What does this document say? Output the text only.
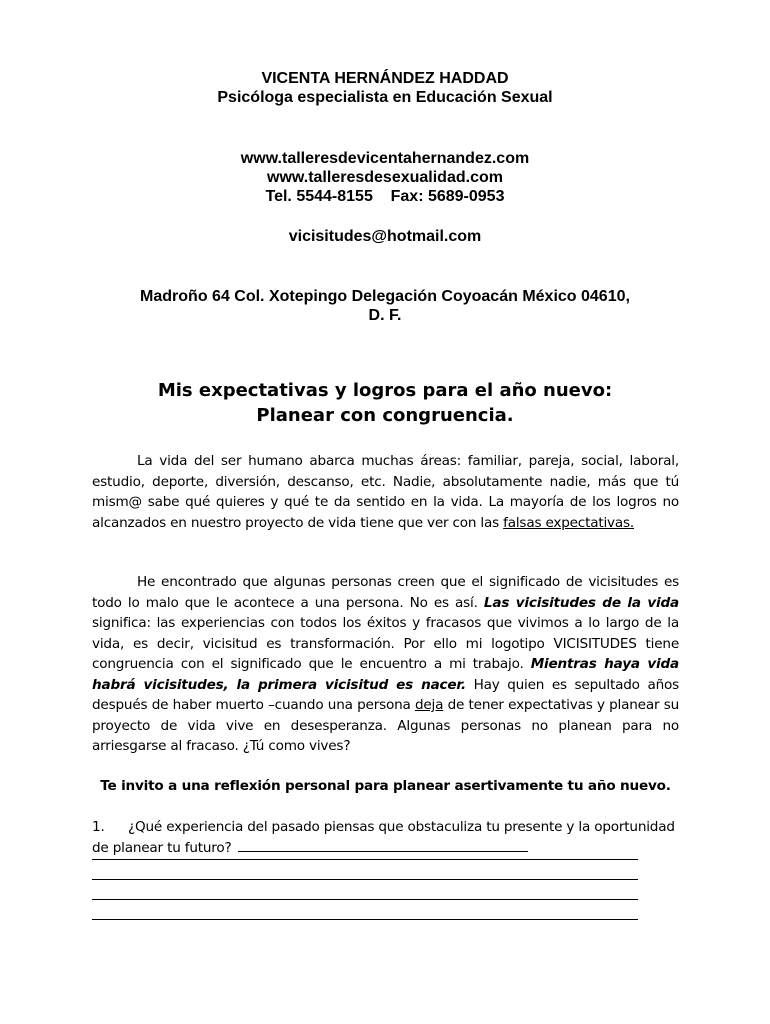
VICENTA HERNÁNDEZ HADDAD

Psicóloga especialista en Educación Sexual

www.talleresdevicentahernandez.com

www.talleresdesexualidad.com

Tel. 5544-8155    Fax: 5689-0953

vicisitudes@hotmail.com

Madroño 64 Col. Xotepingo Delegación Coyoacán México 04610,

D. F.

Mis expectativas y logros para el año nuevo:

Planear con congruencia.

La vida del ser humano abarca muchas áreas: familiar, pareja, social, laboral, estudio, deporte, diversión, descanso, etc. Nadie, absolutamente nadie, más que tú mism@ sabe qué quieres y qué te da sentido en la vida. La mayoría de los logros no alcanzados en nuestro proyecto de vida tiene que ver con las falsas expectativas.

He encontrado que algunas personas creen que el significado de vicisitudes es todo lo malo que le acontece a una persona. No es así. Las vicisitudes de la vida significa: las experiencias con todos los éxitos y fracasos que vivimos a lo largo de la vida, es decir, vicisitud es transformación. Por ello mi logotipo VICISITUDES tiene congruencia con el significado que le encuentro a mi trabajo. Mientras haya vida habrá vicisitudes, la primera vicisitud es nacer. Hay quien es sepultado años después de haber muerto –cuando una persona deja de tener expectativas y planear su proyecto de vida vive en desesperanza. Algunas personas no planean para no arriesgarse al fracaso. ¿Tú como vives?

Te invito a una reflexión personal para planear asertivamente tu año nuevo.

1. ¿Qué experiencia del pasado piensas que obstaculiza tu presente y la oportunidad de planear tu futuro?
